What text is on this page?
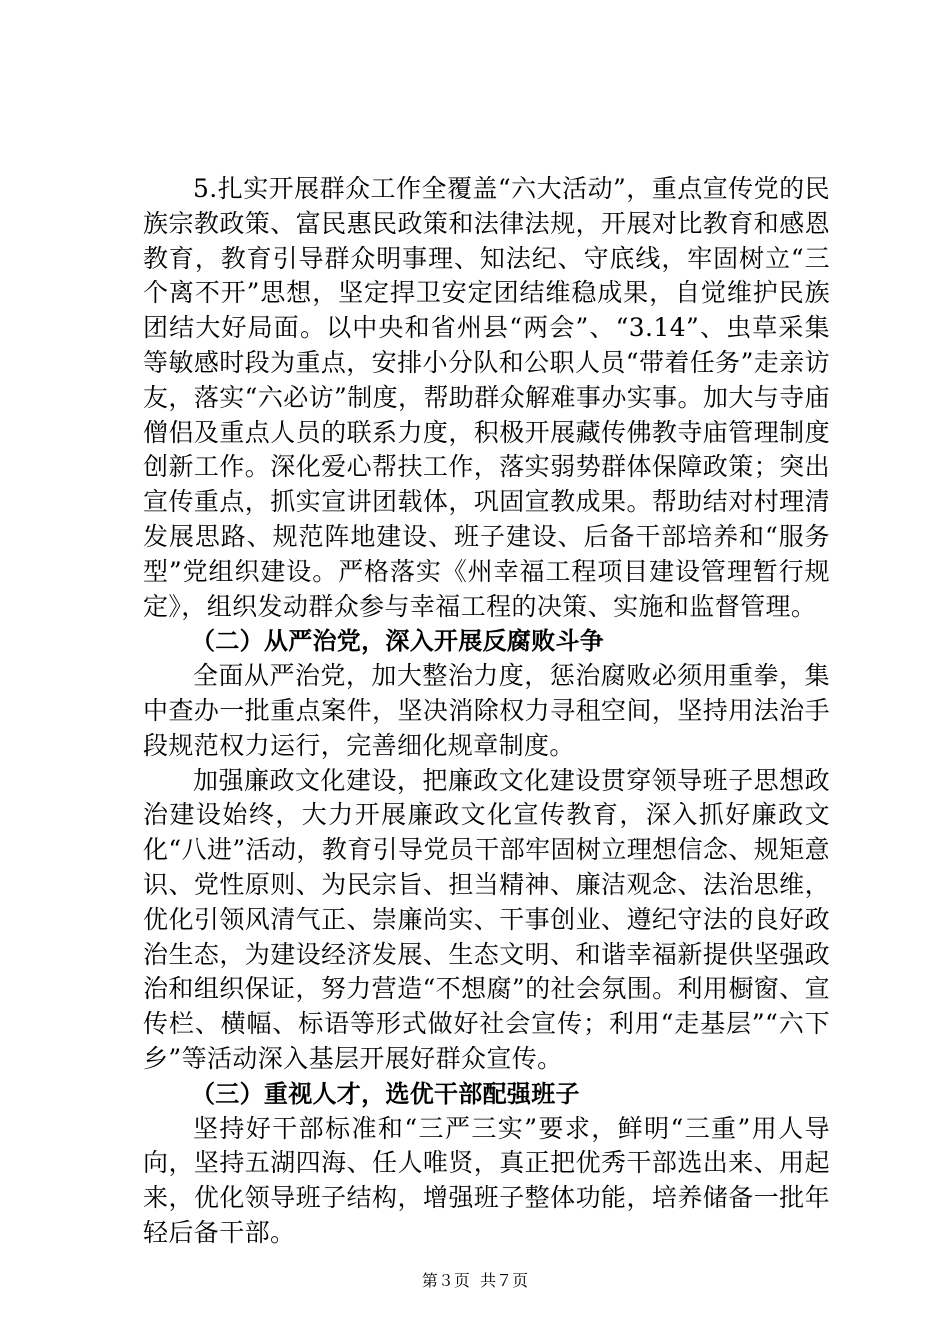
5.扎实开展群众工作全覆盖“六大活动”，重点宣传党的民族宗教政策、富民惠民政策和法律法规，开展对比教育和感恩教育，教育引导群众明事理、知法纪、守底线，牢固树立“三个离不开”思想，坚定捍卫安定团结维稳成果，自觉维护民族团结大好局面。以中央和省州县“两会”、“3.14”、虫草采集等敏感时段为重点，安排小分队和公职人员“带着任务”走亲访友，落实“六必访”制度，帮助群众解难事办实事。加大与寺庙僧侣及重点人员的联系力度，积极开展藏传佛教寺庙管理制度创新工作。深化爱心帮扶工作，落实弱势群体保障政策；突出宣传重点，抓实宣讲团载体，巩固宣教成果。帮助结对村理清发展思路、规范阵地建设、班子建设、后备干部培养和“服务型”党组织建设。严格落实《州幸福工程项目建设管理暂行规定》，组织发动群众参与幸福工程的决策、实施和监督管理。

（二）从严治党，深入开展反腐败斗争

全面从严治党，加大整治力度，惩治腐败必须用重拳，集中查办一批重点案件，坚决消除权力寻租空间，坚持用法治手段规范权力运行，完善细化规章制度。

加强廉政文化建设，把廉政文化建设贯穿领导班子思想政治建设始终，大力开展廉政文化宣传教育，深入抓好廉政文化“八进”活动，教育引导党员干部牢固树立理想信念、规矩意识、党性原则、为民宗旨、担当精神、廉洁观念、法治思维，优化引领风清气正、崇廉尚实、干事创业、遵纪守法的良好政治生态，为建设经济发展、生态文明、和谐幸福新提供坚强政治和组织保证，努力营造“不想腐”的社会氛围。利用橱窗、宣传栏、横幅、标语等形式做好社会宣传；利用“走基层”“六下乡”等活动深入基层开展好群众宣传。

（三）重视人才，选优干部配强班子

坚持好干部标准和“三严三实”要求，鲜明“三重”用人导向，坚持五湖四海、任人唯贤，真正把优秀干部选出来、用起来，优化领导班子结构，增强班子整体功能，培养储备一批年轻后备干部。

第３页  共７页
